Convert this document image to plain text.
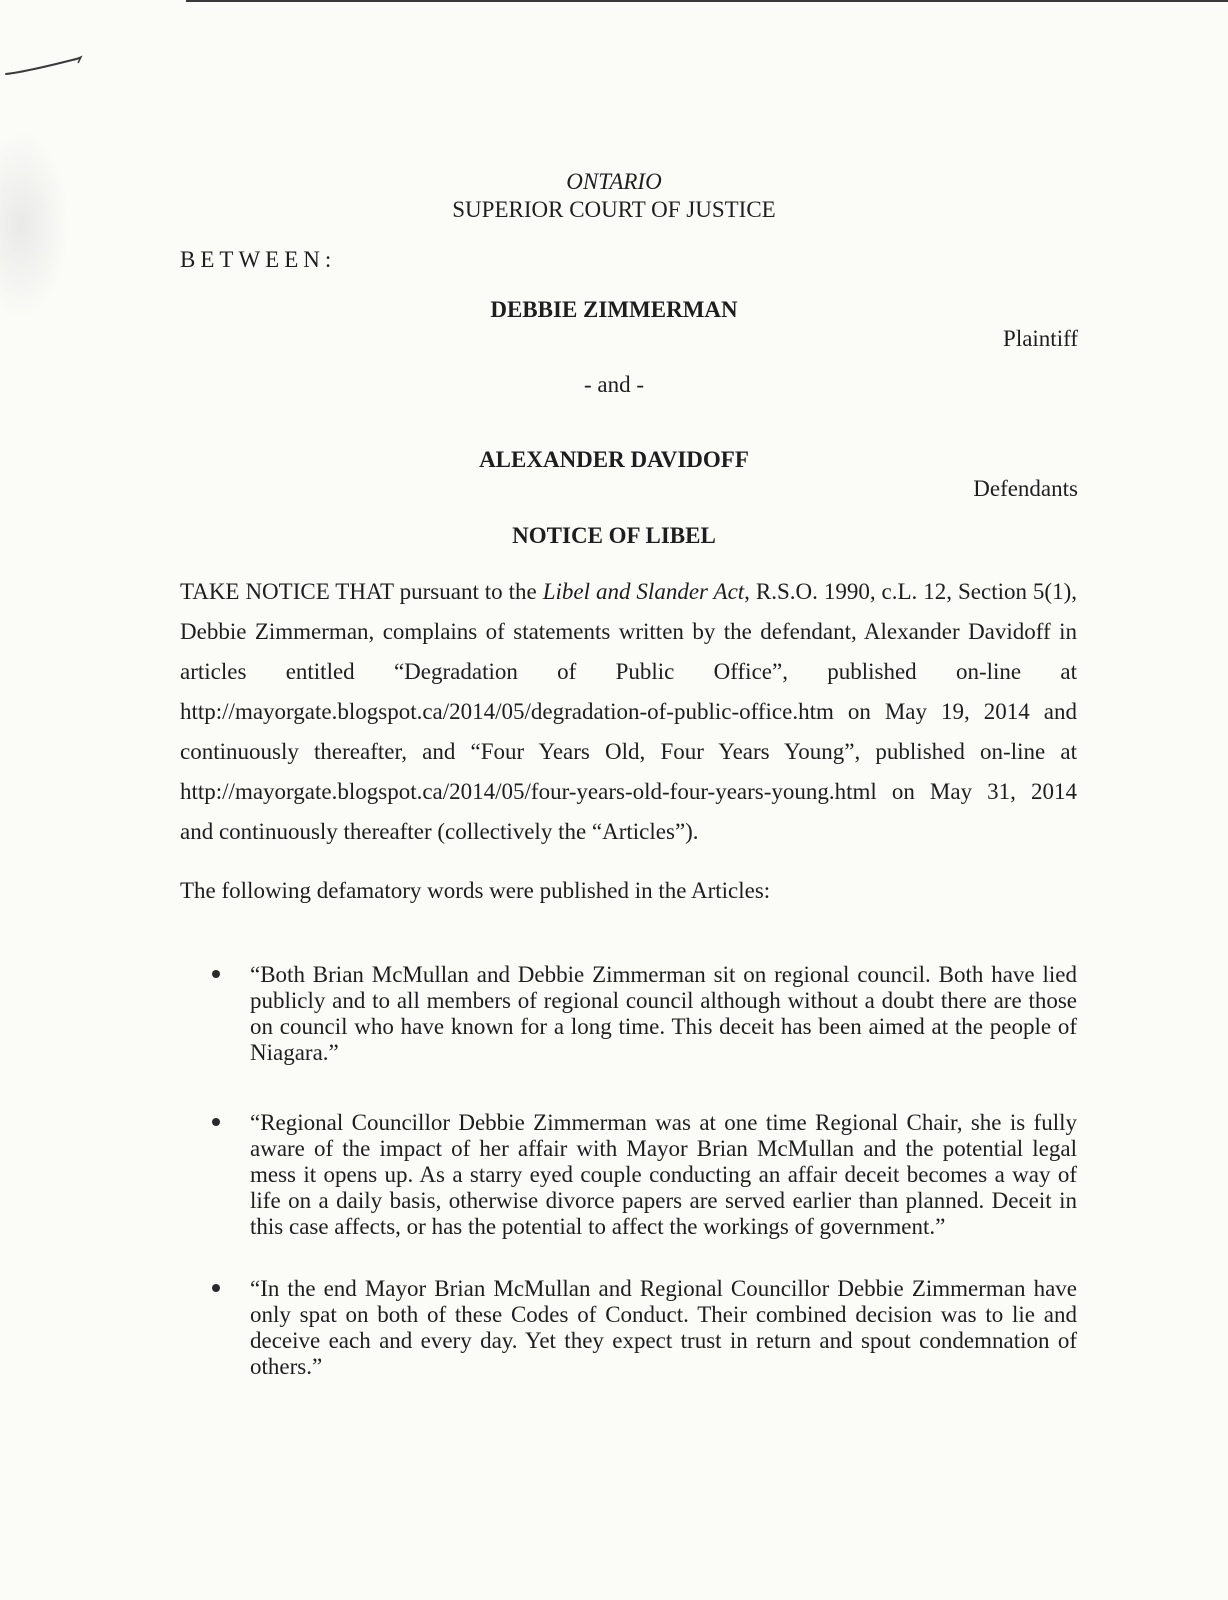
ONTARIO
SUPERIOR COURT OF JUSTICE
BETWEEN:
DEBBIE ZIMMERMAN
Plaintiff
- and -
ALEXANDER DAVIDOFF
Defendants
NOTICE OF LIBEL
TAKE NOTICE THAT pursuant to the Libel and Slander Act, R.S.O. 1990, c.L. 12, Section 5(1), Debbie Zimmerman, complains of statements written by the defendant, Alexander Davidoff in articles entitled “Degradation of Public Office”, published on-line at http://mayorgate.blogspot.ca/2014/05/degradation-of-public-office.htm on May 19, 2014 and continuously thereafter, and “Four Years Old, Four Years Young”, published on-line at http://mayorgate.blogspot.ca/2014/05/four-years-old-four-years-young.html on May 31, 2014 and continuously thereafter (collectively the “Articles”).
The following defamatory words were published in the Articles:
“Both Brian McMullan and Debbie Zimmerman sit on regional council. Both have lied publicly and to all members of regional council although without a doubt there are those on council who have known for a long time. This deceit has been aimed at the people of Niagara.”
“Regional Councillor Debbie Zimmerman was at one time Regional Chair, she is fully aware of the impact of her affair with Mayor Brian McMullan and the potential legal mess it opens up. As a starry eyed couple conducting an affair deceit becomes a way of life on a daily basis, otherwise divorce papers are served earlier than planned. Deceit in this case affects, or has the potential to affect the workings of government.”
“In the end Mayor Brian McMullan and Regional Councillor Debbie Zimmerman have only spat on both of these Codes of Conduct. Their combined decision was to lie and deceive each and every day. Yet they expect trust in return and spout condemnation of others.”
